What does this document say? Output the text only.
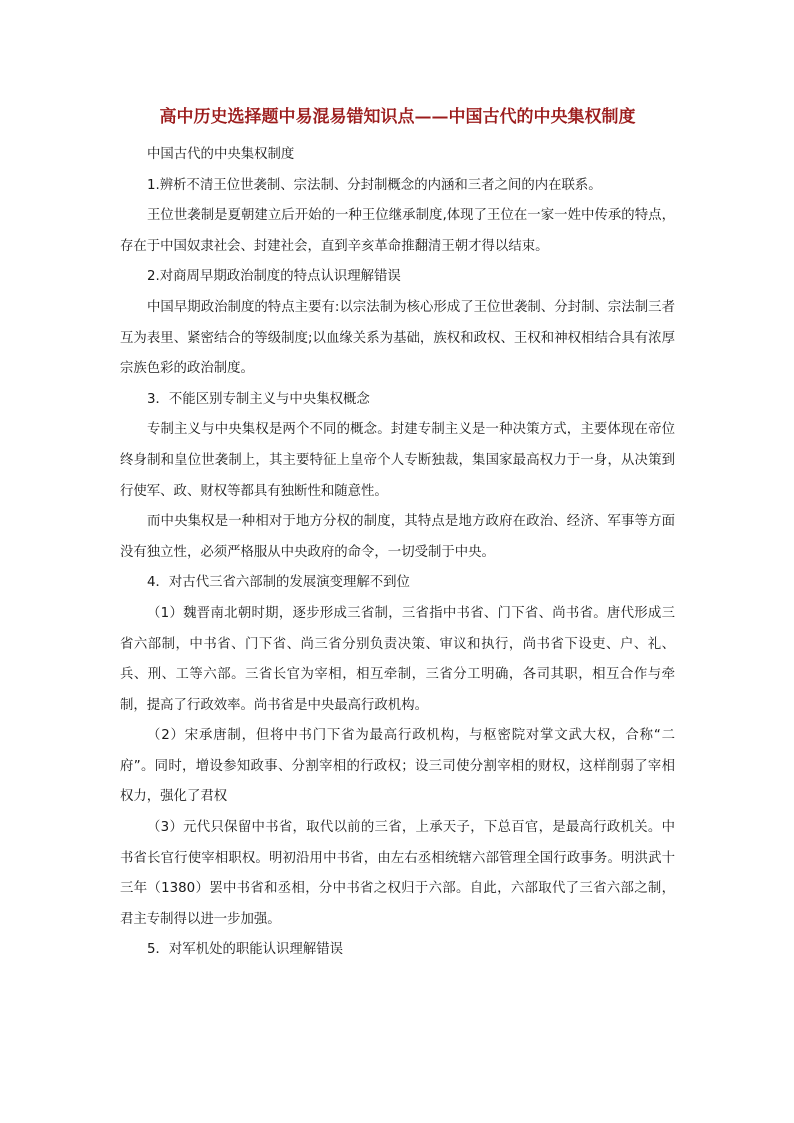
高中历史选择题中易混易错知识点——中国古代的中央集权制度

中国古代的中央集权制度

1.辨析不清王位世袭制、宗法制、分封制概念的内涵和三者之间的内在联系。

王位世袭制是夏朝建立后开始的一种王位继承制度,体现了王位在一家一姓中传承的特点，存在于中国奴隶社会、封建社会，直到辛亥革命推翻清王朝才得以结束。

2.对商周早期政治制度的特点认识理解错误

中国早期政治制度的特点主要有:以宗法制为核心形成了王位世袭制、分封制、宗法制三者互为表里、紧密结合的等级制度;以血缘关系为基础，族权和政权、王权和神权相结合具有浓厚宗族色彩的政治制度。

3．不能区别专制主义与中央集权概念

专制主义与中央集权是两个不同的概念。封建专制主义是一种决策方式，主要体现在帝位终身制和皇位世袭制上，其主要特征上皇帝个人专断独裁，集国家最高权力于一身，从决策到行使军、政、财权等都具有独断性和随意性。

而中央集权是一种相对于地方分权的制度，其特点是地方政府在政治、经济、军事等方面没有独立性，必须严格服从中央政府的命令，一切受制于中央。

4．对古代三省六部制的发展演变理解不到位

（1）魏晋南北朝时期，逐步形成三省制，三省指中书省、门下省、尚书省。唐代形成三省六部制，中书省、门下省、尚三省分别负责决策、审议和执行，尚书省下设吏、户、礼、兵、刑、工等六部。三省长官为宰相，相互牵制，三省分工明确，各司其职，相互合作与牵制，提高了行政效率。尚书省是中央最高行政机构。

（2）宋承唐制，但将中书门下省为最高行政机构，与枢密院对掌文武大权，合称“二府”。同时，增设参知政事、分割宰相的行政权；设三司使分割宰相的财权，这样削弱了宰相权力，强化了君权

（3）元代只保留中书省，取代以前的三省，上承天子，下总百官，是最高行政机关。中书省长官行使宰相职权。明初沿用中书省，由左右丞相统辖六部管理全国行政事务。明洪武十三年（1380）罢中书省和丞相，分中书省之权归于六部。自此，六部取代了三省六部之制，君主专制得以进一步加强。

5．对军机处的职能认识理解错误
